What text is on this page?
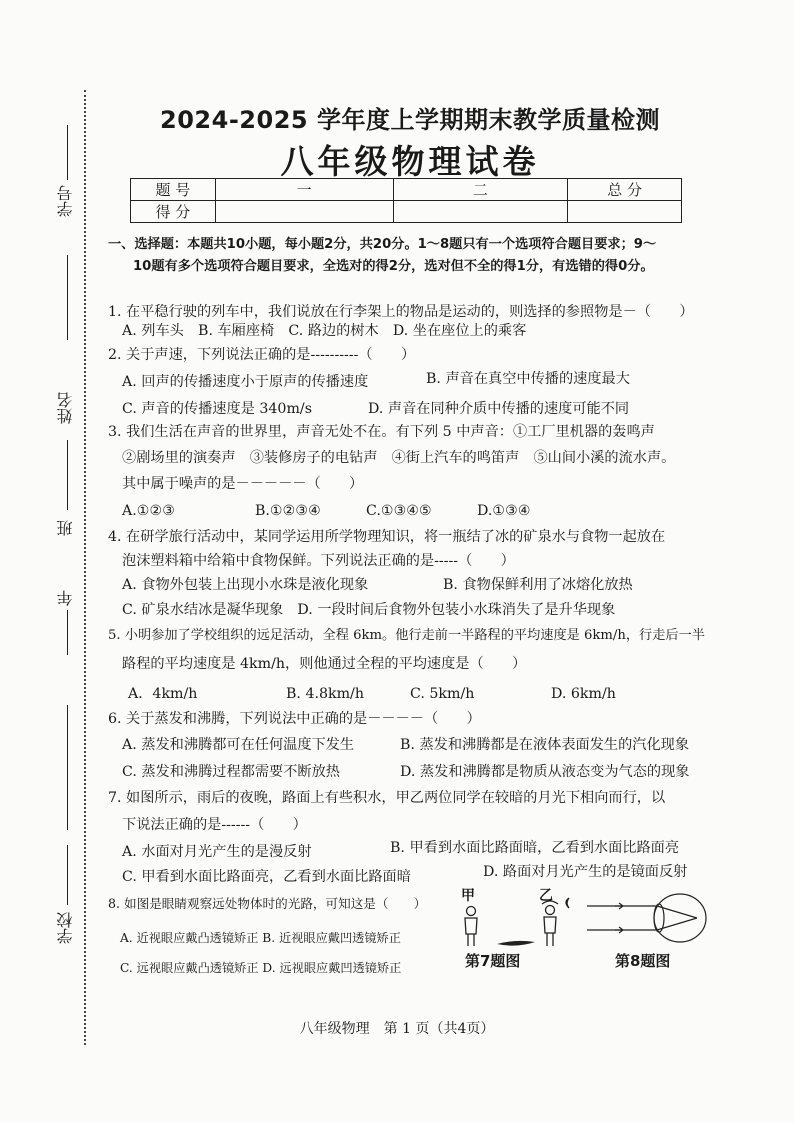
学号
姓名
年
班
学校
2024-2025 学年度上学期期末教学质量检测
八年级物理试卷
题 号	一	二	总 分
得 分			
一、选择题：本题共10小题，每小题2分，共20分。1～8题只有一个选项符合题目要求；9～
10题有多个选项符合题目要求，全选对的得2分，选对但不全的得1分，有选错的得0分。
1. 在平稳行驶的列车中，我们说放在行李架上的物品是运动的，则选择的参照物是－（　　）
A. 列车头　B. 车厢座椅　C. 路边的树木　D. 坐在座位上的乘客
2. 关于声速，下列说法正确的是----------（　　）
A. 回声的传播速度小于原声的传播速度	B. 声音在真空中传播的速度最大
C. 声音的传播速度是 340m/s	D. 声音在同种介质中传播的速度可能不同
3. 我们生活在声音的世界里，声音无处不在。有下列 5 中声音：①工厂里机器的轰鸣声
②剧场里的演奏声　③装修房子的电钻声　④街上汽车的鸣笛声　⑤山间小溪的流水声。
其中属于噪声的是－－－－－（　　）
A.①②③	B.①②③④	C.①③④⑤	D.①③④
4. 在研学旅行活动中，某同学运用所学物理知识，将一瓶结了冰的矿泉水与食物一起放在
泡沫塑料箱中给箱中食物保鲜。下列说法正确的是-----（　　）
A. 食物外包装上出现小水珠是液化现象	B. 食物保鲜利用了冰熔化放热
C. 矿泉水结冰是凝华现象　D. 一段时间后食物外包装小水珠消失了是升华现象
5. 小明参加了学校组织的远足活动，全程 6km。他行走前一半路程的平均速度是 6km/h，行走后一半
路程的平均速度是 4km/h，则他通过全程的平均速度是（　　）
A．4km/h	B. 4.8km/h	C. 5km/h	D. 6km/h
6. 关于蒸发和沸腾，下列说法中正确的是－－－－（　　）
A. 蒸发和沸腾都可在任何温度下发生	B. 蒸发和沸腾都是在液体表面发生的汽化现象
C. 蒸发和沸腾过程都需要不断放热	D. 蒸发和沸腾都是物质从液态变为气态的现象
7. 如图所示，雨后的夜晚，路面上有些积水，甲乙两位同学在较暗的月光下相向而行，以
下说法正确的是------（　　）
A. 水面对月光产生的是漫反射	B. 甲看到水面比路面暗，乙看到水面比路面亮
C. 甲看到水面比路面亮，乙看到水面比路面暗	D. 路面对月光产生的是镜面反射
8. 如图是眼睛观察远处物体时的光路，可知这是（　　）
A. 近视眼应戴凸透镜矫正 B. 近视眼应戴凹透镜矫正
C. 远视眼应戴凸透镜矫正 D. 远视眼应戴凹透镜矫正	第7题图
甲	乙
第8题图
八年级物理　第 1 页（共4页）
